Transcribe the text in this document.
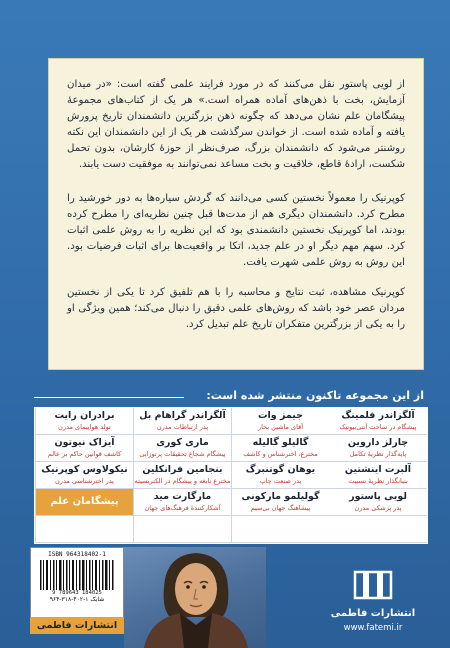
از لویی پاستور نقل می‌کنند که در مورد فرایند علمی گفته است: «در میدان آزمایش، بخت با ذهن‌های آماده همراه است.» هر یک از کتاب‌های مجموعهٔ پیشگامان علم نشان می‌دهد که چگونه ذهن بزرگترین دانشمندان تاریخ پرورش یافته و آماده شده است. از خواندن سرگذشت هر یک از این دانشمندان این نکته روشنتر می‌شود که دانشمندان بزرگ، صرف‌نظر از حوزهٔ کارشان، بدون تحمل شکست، ارادهٔ قاطع، خلاقیت و بخت مساعد نمی‌توانند به موفقیت دست یابند.

کوپرنیک را معمولاً نخستین کسی می‌دانند که گردش سیاره‌ها به دور خورشید را مطرح کرد. دانشمندان دیگری هم از مدت‌ها قبل چنین نظریه‌ای را مطرح کرده بودند، اما کوپرنیک نخستین دانشمندی بود که این نظریه را به روش علمی اثبات کرد. سهم مهم دیگر او در علم جدید، اتکا بر واقعیت‌ها برای اثبات فرضیات بود. این روش به روش علمی شهرت یافت.

کوپرنیک مشاهده، ثبت نتایج و محاسبه را با هم تلفیق کرد تا یکی از نخستین مردان عصر خود باشد که روش‌های علمی دقیق را دنبال می‌کند؛ همین ویژگی او را به یکی از بزرگترین متفکران تاریخ علم تبدیل کرد.

از این مجموعه تاکنون منتشر شده است:
آلگزاندر فلمینگ
پیشگام در ساخت آنتی‌بیوتیک
جیمز وات
آقای ماشین بخار
آلگزاندر گراهام بل
پدر ارتباطات مدرن
برادران رایت
تولد هواپیمای مدرن
چارلز داروین
پایه‌گذار نظریهٔ تکامل
گالیلو گالیله
مخترع، اخترشناس و کاشف
ماری کوری
پیشگام شجاع تحقیقات پرتوزایی
آیزاک نیوتون
کاشف قوانین حاکم بر عالم
آلبرت اینشتین
بنیانگذار نظریهٔ نسبیت
یوهان گوتنبرگ
پدر صنعت چاپ
بنجامین فرانکلین
مخترع نابغه و پیشگام در الکتریسیته
نیکولاوس کوپرنیک
پدر اخترشناسی مدرن
لویی پاستور
پدر پزشکی مدرن
گولیلمو مارکونی
پیشاهنگ جهان بی‌سیم
مارگارت مید
آشکارکنندهٔ فرهنگ‌های جهان
پیشگامان علم
ISBN 964318402-1
9 789643 184025
شابک ۱-۴۰۲-۳۱۸-۹۶۴
انتشارات فاطمی
انتشارات فاطمی
www.fatemi.ir
